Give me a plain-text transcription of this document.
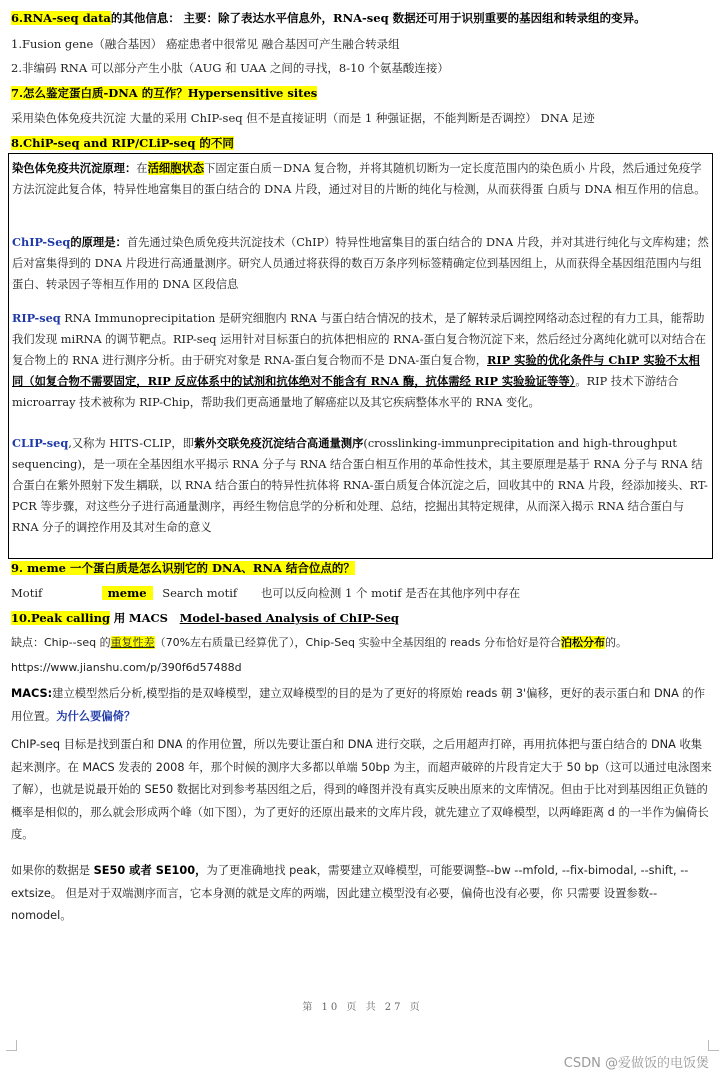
6.RNA-seq data的其他信息： 主要：除了表达水平信息外，RNA-seq 数据还可用于识别重要的基因组和转录组的变异。
1.Fusion gene（融合基因） 癌症患者中很常见 融合基因可产生融合转录组
2.非编码 RNA 可以部分产生小肽（AUG 和 UAA 之间的寻找，8-10 个氨基酸连接）
7.怎么鉴定蛋白质-DNA 的互作？Hypersensitive sites
采用染色体免疫共沉淀 大量的采用 ChIP-seq 但不是直接证明（而是 1 种强证据，不能判断是否调控） DNA 足迹
8.ChiP-seq and RIP/CLiP-seq 的不同
染色体免疫共沉淀原理：在活细胞状态下固定蛋白质－DNA 复合物，并将其随机切断为一定长度范围内的染色质小 片段，然后通过免疫学方法沉淀此复合体，特异性地富集目的蛋白结合的 DNA 片段，通过对目的片断的纯化与检测，从而获得蛋 白质与 DNA 相互作用的信息。
ChIP-Seq的原理是：首先通过染色质免疫共沉淀技术（ChIP）特异性地富集目的蛋白结合的 DNA 片段，并对其进行纯化与文库构建；然后对富集得到的 DNA 片段进行高通量测序。研究人员通过将获得的数百万条序列标签精确定位到基因组上，从而获得全基因组范围内与组蛋白、转录因子等相互作用的 DNA 区段信息
RIP-seq RNA Immunoprecipitation 是研究细胞内 RNA 与蛋白结合情况的技术，是了解转录后调控网络动态过程的有力工具，能帮助我们发现 miRNA 的调节靶点。RIP-seq 运用针对目标蛋白的抗体把相应的 RNA-蛋白复合物沉淀下来，然后经过分离纯化就可以对结合在复合物上的 RNA 进行测序分析。由于研究对象是 RNA-蛋白复合物而不是 DNA-蛋白复合物，RIP 实验的优化条件与 ChIP 实验不太相同（如复合物不需要固定，RIP 反应体系中的试剂和抗体绝对不能含有 RNA 酶，抗体需经 RIP 实验验证等等）。RIP 技术下游结合 microarray 技术被称为 RIP-Chip，帮助我们更高通量地了解癌症以及其它疾病整体水平的 RNA 变化。
CLIP-seq,又称为 HITS-CLIP，即紫外交联免疫沉淀结合高通量测序(crosslinking-immunprecipitation and high-throughput sequencing)，是一项在全基因组水平揭示 RNA 分子与 RNA 结合蛋白相互作用的革命性技术，其主要原理是基于 RNA 分子与 RNA 结合蛋白在紫外照射下发生耦联，以 RNA 结合蛋白的特异性抗体将 RNA-蛋白质复合体沉淀之后，回收其中的 RNA 片段，经添加接头、RT-PCR 等步骤，对这些分子进行高通量测序，再经生物信息学的分析和处理、总结，挖掘出其特定规律，从而深入揭示 RNA 结合蛋白与 RNA 分子的调控作用及其对生命的意义
9. meme 一个蛋白质是怎么识别它的 DNA、RNA 结合位点的？
Motif	meme Search motif 也可以反向检测 1 个 motif 是否在其他序列中存在
10.Peak calling 用 MACS Model-based Analysis of ChIP-Seq
缺点：Chip--seq 的重复性差（70%左右质量已经算优了），Chip-Seq 实验中全基因组的 reads 分布恰好是符合泊松分布的。
https://www.jianshu.com/p/390f6d57488d
MACS:建立模型然后分析,模型指的是双峰模型，建立双峰模型的目的是为了更好的将原始 reads 朝 3'偏移，更好的表示蛋白和 DNA 的作用位置。为什么要偏倚？
ChIP-seq 目标是找到蛋白和 DNA 的作用位置，所以先要让蛋白和 DNA 进行交联，之后用超声打碎，再用抗体把与蛋白结合的 DNA 收集起来测序。在 MACS 发表的 2008 年，那个时候的测序大多都以单端 50bp 为主，而超声破碎的片段肯定大于 50 bp（这可以通过电泳图来了解），也就是说最开始的 SE50 数据比对到参考基因组之后，得到的峰图并没有真实反映出原来的文库情况。但由于比对到基因组正负链的概率是相似的，那么就会形成两个峰（如下图），为了更好的还原出最来的文库片段，就先建立了双峰模型，以两峰距离 d 的一半作为偏倚长度。
如果你的数据是 SE50 或者 SE100，为了更准确地找 peak，需要建立双峰模型，可能要调整--bw --mfold, --fix-bimodal, --shift, --extsize。 但是对于双端测序而言，它本身测的就是文库的两端，因此建立模型没有必要，偏倚也没有必要，你 只需要 设置参数--nomodel。
第 10 页 共 27 页
CSDN @爱做饭的电饭煲
